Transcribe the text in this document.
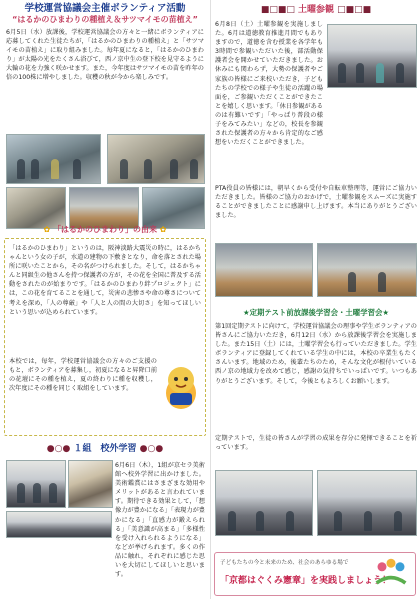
学校運営協議会主催ボランティア活動
“はるかのひまわりの種植え＆サツマイモの苗植え”
6月5日（水）放課後，学校運営協議会の方々と一緒にボランティアに応募してくれた生徒たちが，「はるかのひまわりの種植え」と「サツマイモの苗植え」に取り組みました。毎年夏になると，「はるかのひまわり」が太陽の光をたくさん浴びて，西ノ京中生の登下校を見守るように大輪の花を力強く咲かせます。また，今年度はサツマイモの苗を昨年の倍の100株に増やしました。収穫の秋が今から楽しみです。
✿ 「はるかのひまわり」の由来 ✿
「はるかのひまわり」というのは，阪神淡路大震災の時に，はるかちゃんという女の子が，水道の建物の下敷きとなり，命を落とされた場所に咲いたことから，その名がつけられました。そして，はるかちゃんと同級生の他さんを持つ保護者の方が，その花を全国に普及する活動をされたのが始まりです。「はるかのひまわり絆プロジェクト」には，この花を育てることを通して，災害の悲惨さや命の尊さについて考えを深め，「人の尊厳」や「人と人の間の大切さ」を知ってほしいという思いが込められています。
本校では，毎年，学校運営協議会の方々のご支援のもと，ボランティアを募集し，初夏になると昇降口前の花壇にその種を植え，夏の終わりに種を収穫し，次年度にその種を同じく取組をしています。
●○● １組　校外学習 ●○●
6月6日（木），1組が京セラ美術館へ校外学習に出かけました。美術鑑賞にはさまざまな効用やメリットがあると言われています。期待できる効果として，「想像力が豊かになる」「表現力が豊かになる」「直感力が鍛えられる」「美意識が高まる」「多様性を受け入れられるようになる」などが挙げられます。多くの作品に触れ，それぞれに感じた思いを大切にしてほしいと思います。
■□■□ 土曜参観 □■□■
6月8日（土）土曜参観を実施しました。6月は道徳教育推進月間でもありますので，道徳を含む授業を各学年も3時間で参観いただいた後，部活動保護者会を開かせていただきました。お休みにも関わらず，大勢の保護者やご家族の皆様にご来校いただき，子どもたちの学校での様子や生徒の活躍の場面を，ご参観いただくことができたことを嬉しく思います。「休日参観があるのは有難いです」「やっぱり普段の様子をみてみたい」などの，校長を参観された保護者の方々から肯定的なご感想をいただくことができました。
PTA役員の皆様には，朝早くから受付や自転車整理等，運営にご協力いただきました。皆様のご協力のおかげで，土曜参観をスムーズに実施することができましたことに感謝申し上げます。本当にありがとうございました。
★定期テスト前放課後学習会・土曜学習会★
第1回定期テストに向けて，学校運営協議会の理事や学生ボランティアの皆さんにご協力いただき，6月12日（水）から放課後学習会を実施しました。また15日（土）には，土曜学習会も行っていただきました。学生ボランティアに登録してくれている学生の中には，本校の卒業生もたくさんいます。地域のため，後輩たちのため，そんな文化が根付いている西ノ京の地域力を改めて感じ，感謝の気持ちでいっぱいです。いつもありがとうございます。そして，今後ともよろしくお願いします。
定期テストで，生徒の皆さんが学習の成果を存分に発揮できることを祈っています。
子どもたちの今と未来のため、社会のあらゆる場で
「京都はぐくみ憲章」を実践しましょう！
